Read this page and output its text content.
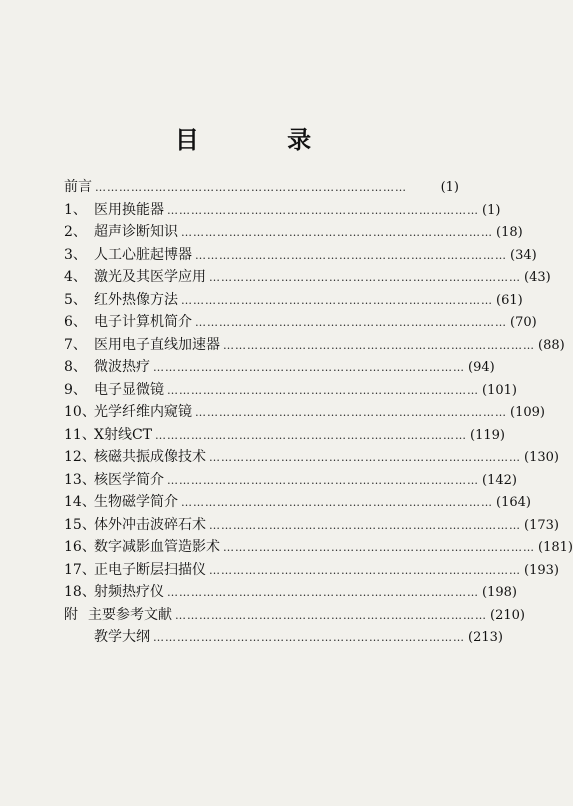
目 录
前言 ……………………………………………………………………	(1)
1、 医用换能器 …………………………………………………………………… (1)
2、 超声诊断知识 …………………………………………………………………… (18)
3、 人工心脏起博器 …………………………………………………………………… (34)
4、 激光及其医学应用 …………………………………………………………………… (43)
5、 红外热像方法 …………………………………………………………………… (61)
6、 电子计算机简介 …………………………………………………………………… (70)
7、 医用电子直线加速器 …………………………………………………………………… (88)
8、 微波热疗 …………………………………………………………………… (94)
9、 电子显微镜 …………………………………………………………………… (101)
10、
光学纤维内窥镜 …………………………………………………………………… (109)
11、
X射线CT …………………………………………………………………… (119)
12、
核磁共振成像技术 …………………………………………………………………… (130)
13、
核医学简介 …………………………………………………………………… (142)
14、
生物磁学简介 …………………………………………………………………… (164)
15、
体外冲击波碎石术 …………………………………………………………………… (173)
16、
数字减影血管造影术 …………………………………………………………………… (181)
17、
正电子断层扫描仪 …………………………………………………………………… (193)
18、
射频热疗仪 …………………………………………………………………… (198)
附 主要参考文献 …………………………………………………………………… (210)
教学大纲 …………………………………………………………………… (213)
